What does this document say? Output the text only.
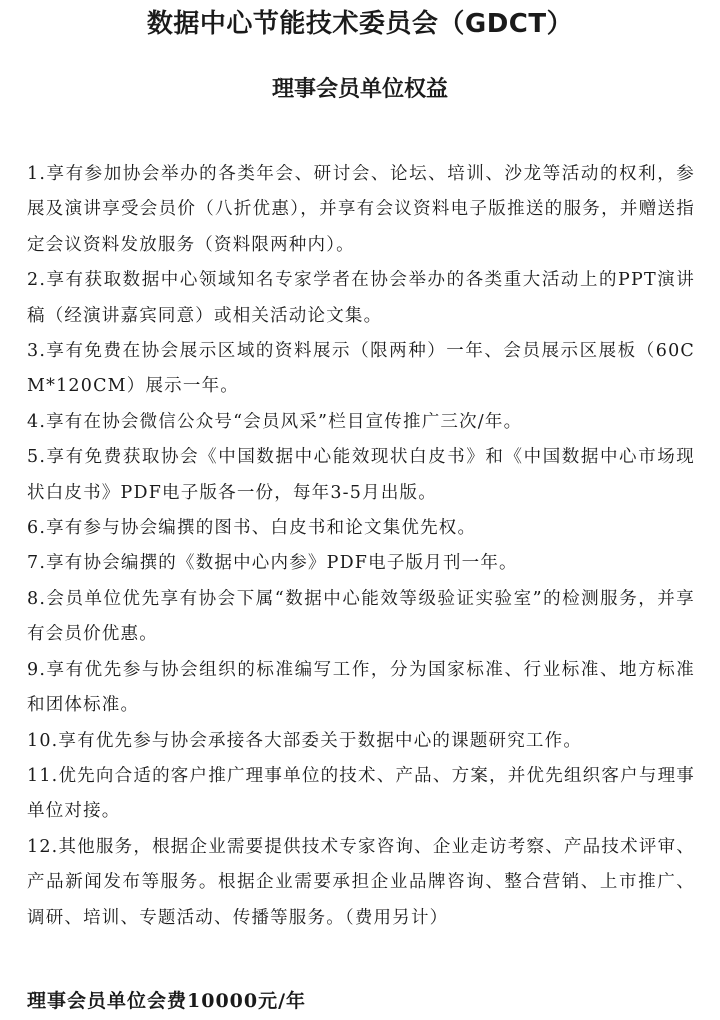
数据中心节能技术委员会（GDCT）
理事会员单位权益
1.享有参加协会举办的各类年会、研讨会、论坛、培训、沙龙等活动的权利，参展及演讲享受会员价（八折优惠），并享有会议资料电子版推送的服务，并赠送指定会议资料发放服务（资料限两种内）。
2.享有获取数据中心领域知名专家学者在协会举办的各类重大活动上的PPT演讲稿（经演讲嘉宾同意）或相关活动论文集。
3.享有免费在协会展示区域的资料展示（限两种）一年、会员展示区展板（60CM*120CM）展示一年。
4.享有在协会微信公众号“会员风采”栏目宣传推广三次/年。
5.享有免费获取协会《中国数据中心能效现状白皮书》和《中国数据中心市场现状白皮书》PDF电子版各一份，每年3-5月出版。
6.享有参与协会编撰的图书、白皮书和论文集优先权。
7.享有协会编撰的《数据中心内参》PDF电子版月刊一年。
8.会员单位优先享有协会下属“数据中心能效等级验证实验室”的检测服务，并享有会员价优惠。
9.享有优先参与协会组织的标准编写工作，分为国家标准、行业标准、地方标准和团体标准。
10.享有优先参与协会承接各大部委关于数据中心的课题研究工作。
11.优先向合适的客户推广理事单位的技术、产品、方案，并优先组织客户与理事单位对接。
12.其他服务，根据企业需要提供技术专家咨询、企业走访考察、产品技术评审、产品新闻发布等服务。根据企业需要承担企业品牌咨询、整合营销、上市推广、调研、培训、专题活动、传播等服务。（费用另计）

理事会员单位会费10000元/年
